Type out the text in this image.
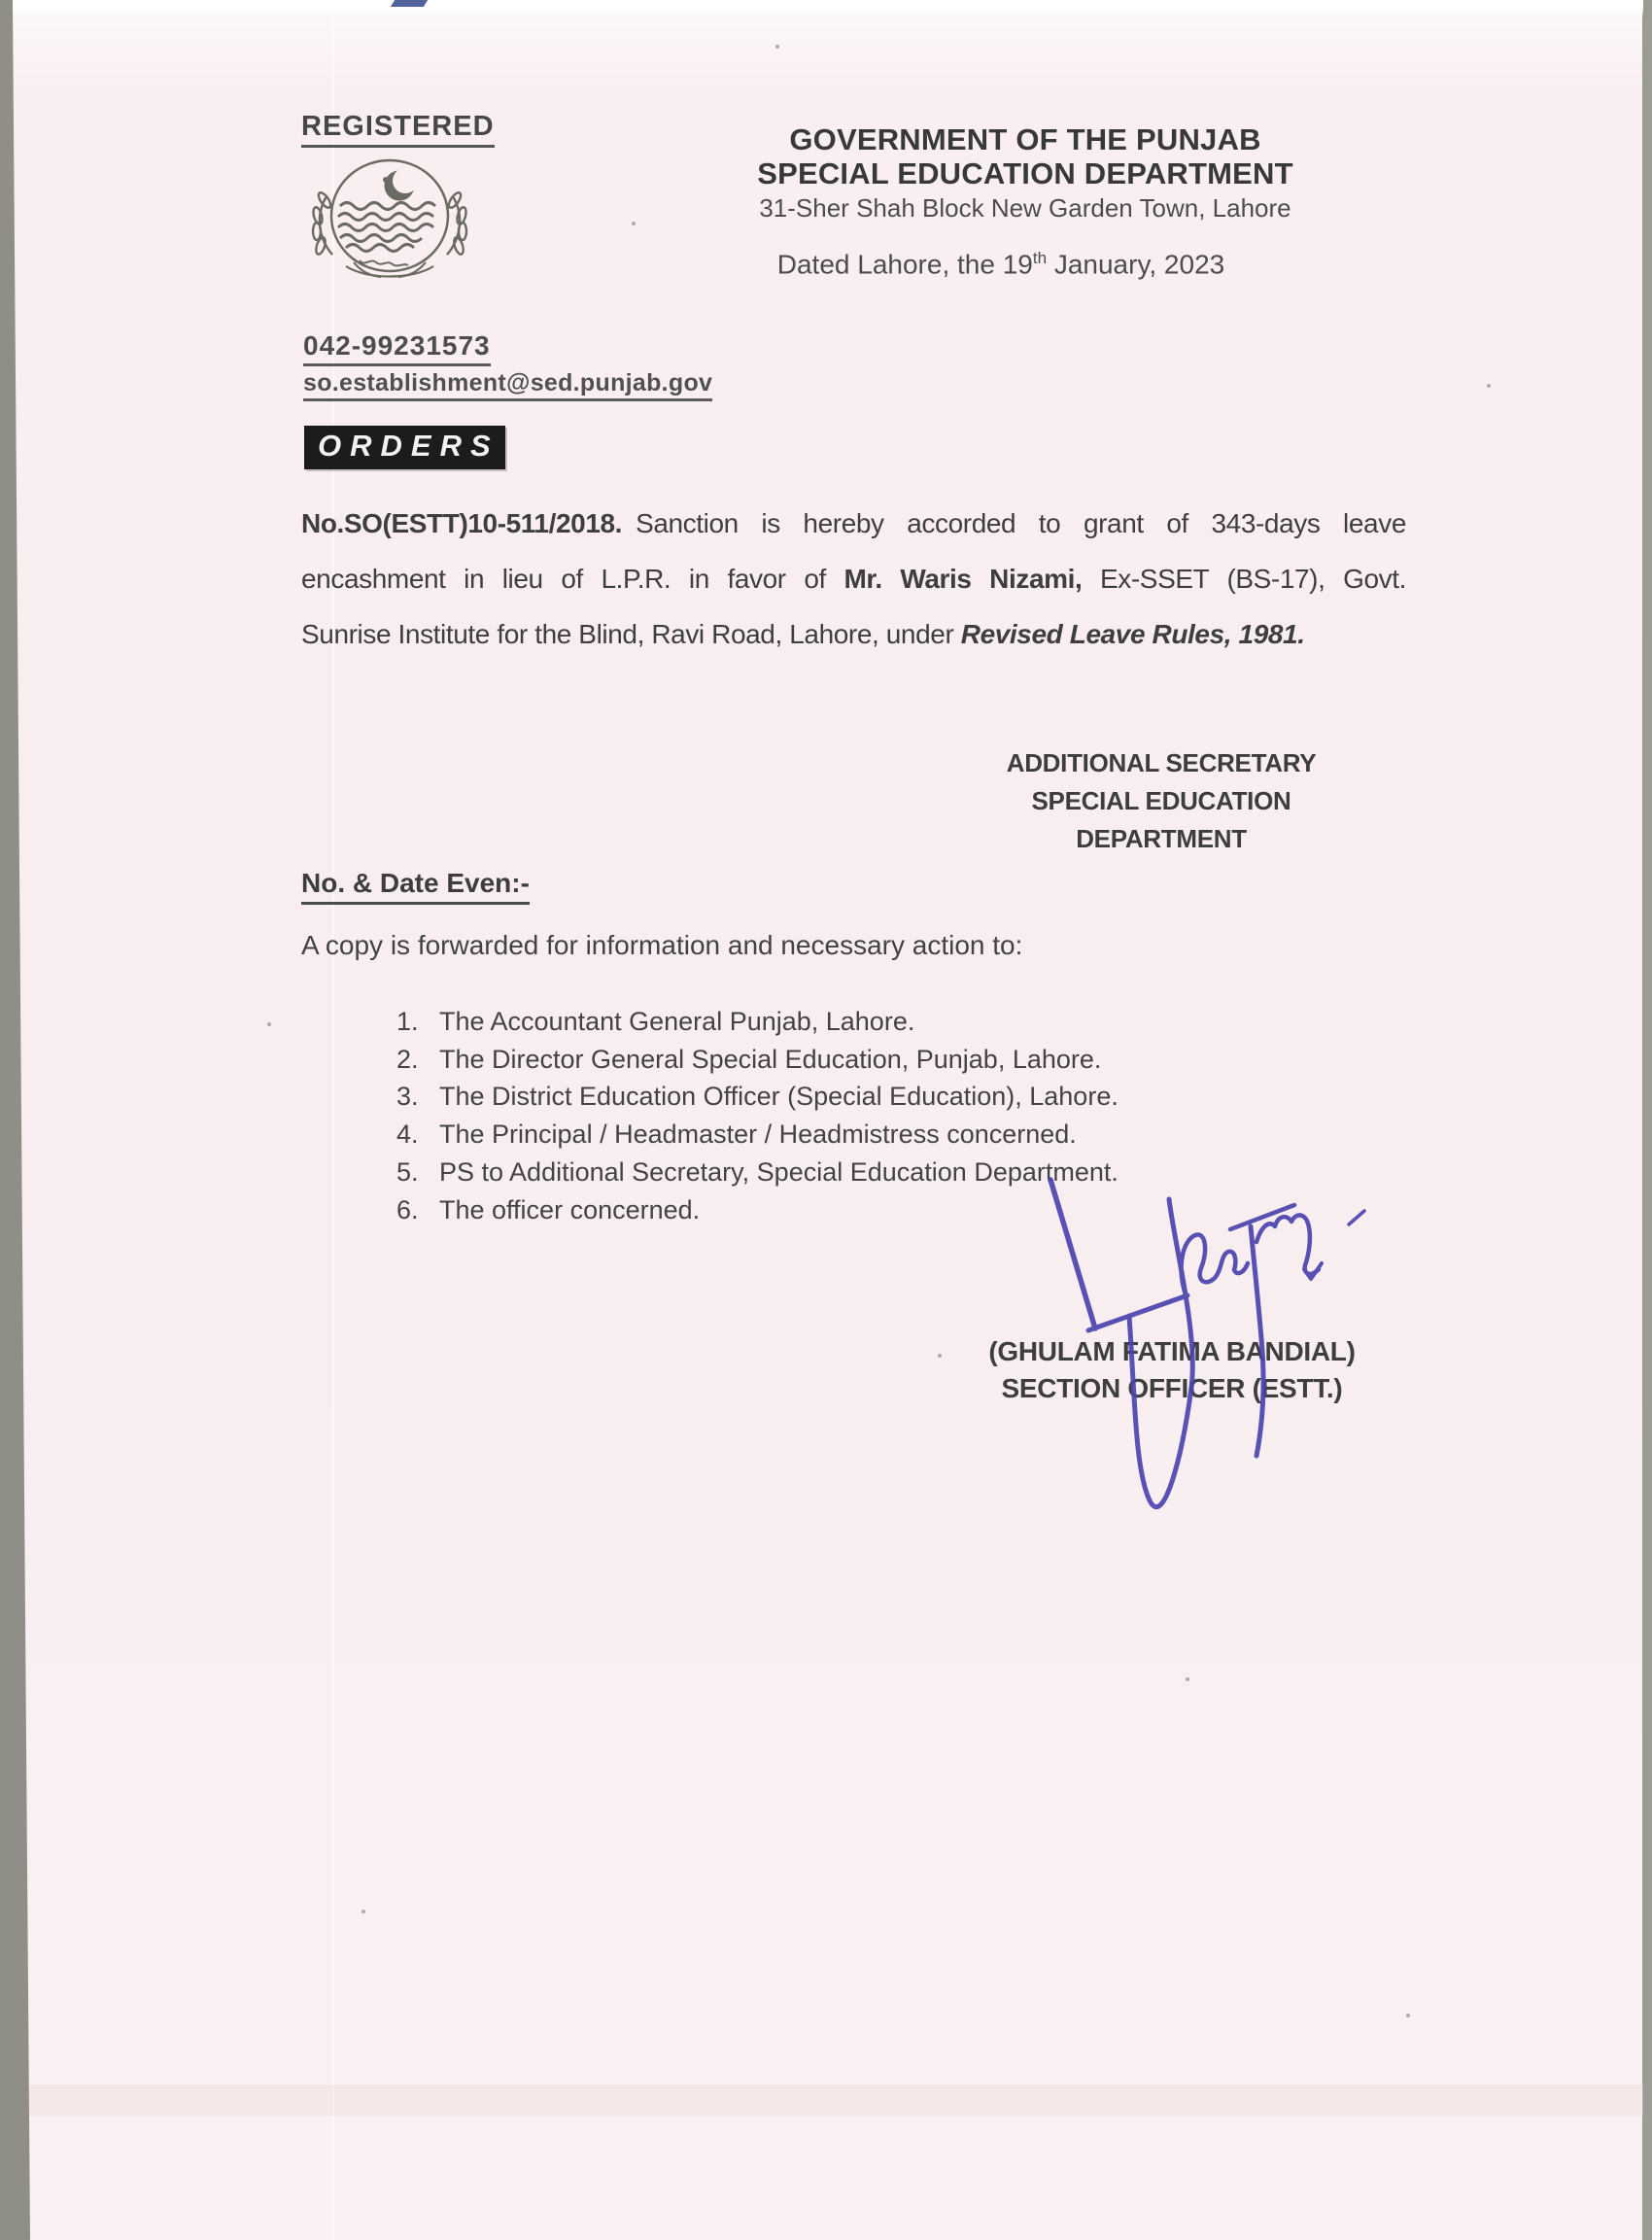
REGISTERED	GOVERNMENT OF THE PUNJAB
SPECIAL EDUCATION DEPARTMENT
31-Sher Shah Block New Garden Town, Lahore
Dated Lahore, the 19th January, 2023
042-99231573
so.establishment@sed.punjab.gov
ORDERS
No.SO(ESTT)10-511/2018. Sanction is hereby accorded to grant of 343-days leave
encashment in lieu of L.P.R. in favor of Mr. Waris Nizami, Ex-SSET (BS-17), Govt.
Sunrise Institute for the Blind, Ravi Road, Lahore, under Revised Leave Rules, 1981.
ADDITIONAL SECRETARY
SPECIAL EDUCATION
DEPARTMENT
No. & Date Even:-
A copy is forwarded for information and necessary action to:
1. The Accountant General Punjab, Lahore.
2. The Director General Special Education, Punjab, Lahore.
3. The District Education Officer (Special Education), Lahore.
4. The Principal / Headmaster / Headmistress concerned.
5. PS to Additional Secretary, Special Education Department.
6. The officer concerned.
(GHULAM FATIMA BANDIAL)
SECTION OFFICER (ESTT.)
